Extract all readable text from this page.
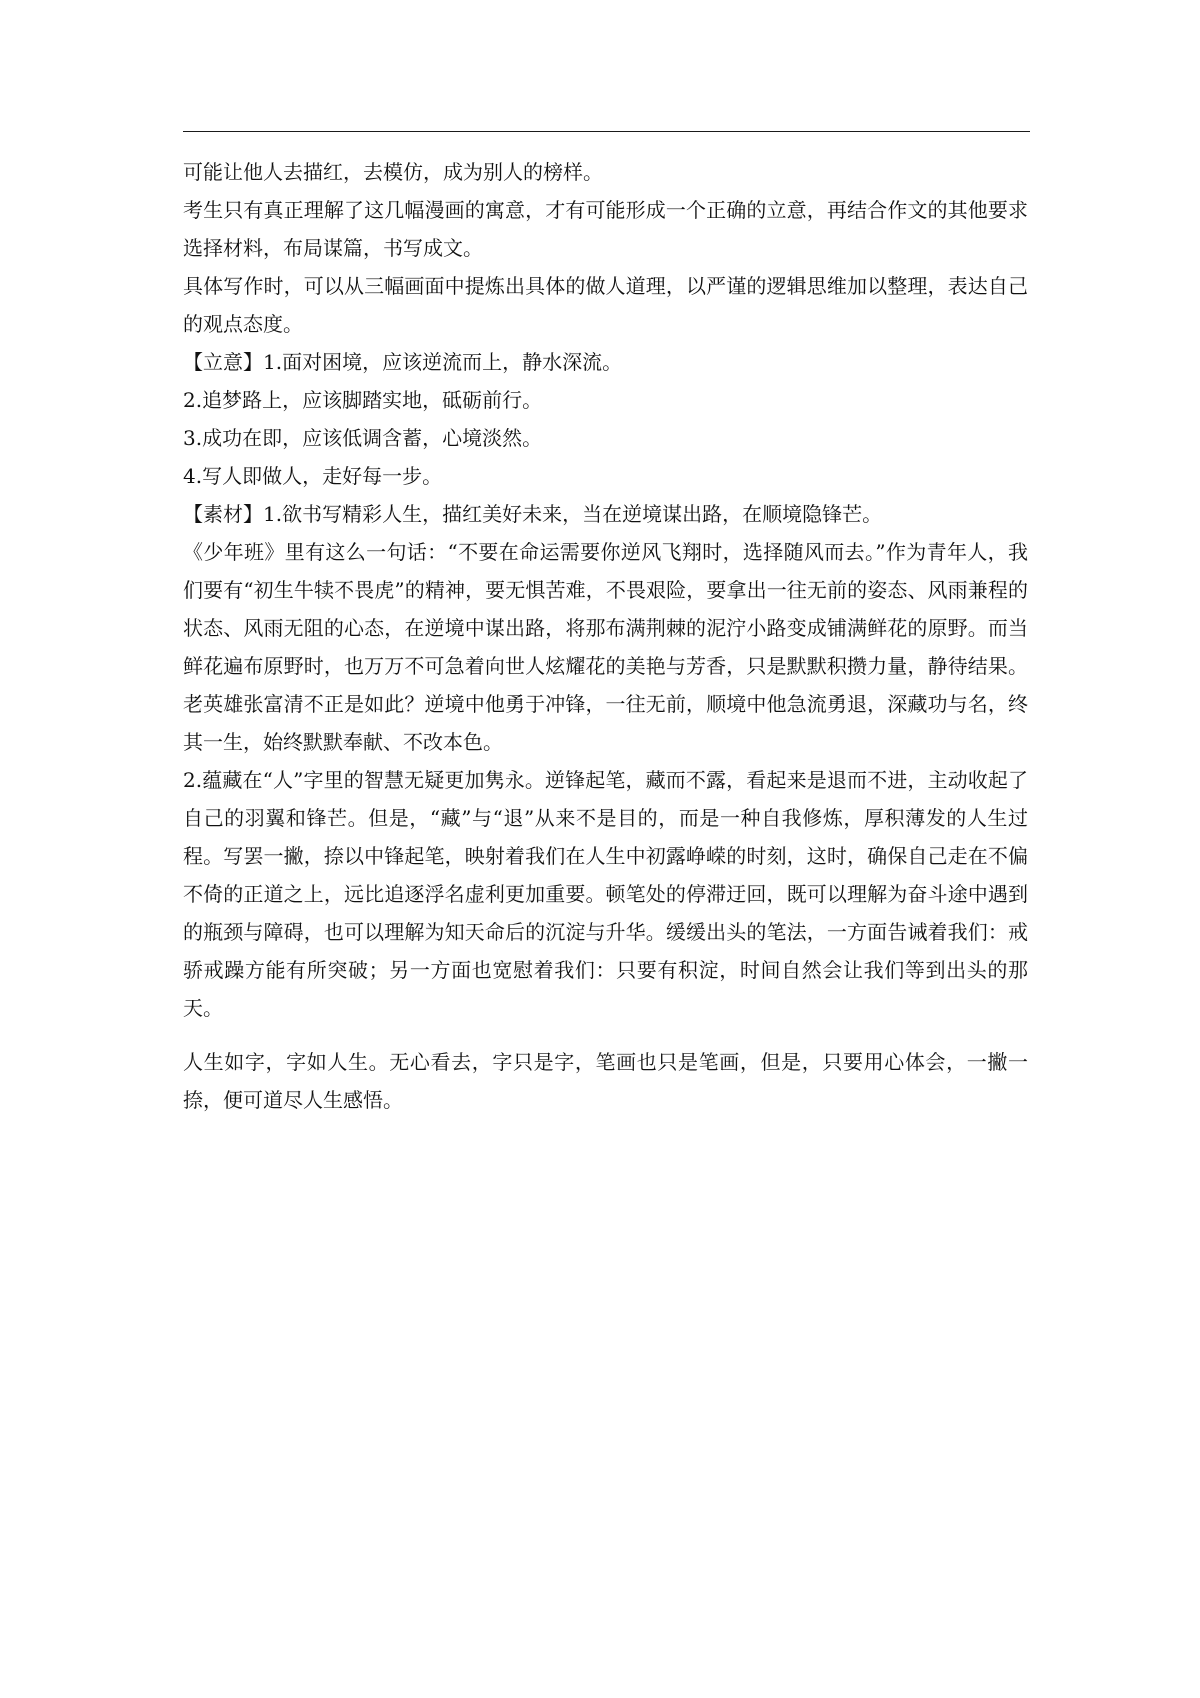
可能让他人去描红，去模仿，成为别人的榜样。

考生只有真正理解了这几幅漫画的寓意，才有可能形成一个正确的立意，再结合作文的其他要求选择材料，布局谋篇，书写成文。

具体写作时，可以从三幅画面中提炼出具体的做人道理，以严谨的逻辑思维加以整理，表达自己的观点态度。

【立意】1.面对困境，应该逆流而上，静水深流。

2.追梦路上，应该脚踏实地，砥砺前行。

3.成功在即，应该低调含蓄，心境淡然。

4.写人即做人，走好每一步。

【素材】1.欲书写精彩人生，描红美好未来，当在逆境谋出路，在顺境隐锋芒。

《少年班》里有这么一句话：“不要在命运需要你逆风飞翔时，选择随风而去。”作为青年人，我们要有“初生牛犊不畏虎”的精神，要无惧苦难，不畏艰险，要拿出一往无前的姿态、风雨兼程的状态、风雨无阻的心态，在逆境中谋出路，将那布满荆棘的泥泞小路变成铺满鲜花的原野。而当鲜花遍布原野时，也万万不可急着向世人炫耀花的美艳与芳香，只是默默积攒力量，静待结果。老英雄张富清不正是如此？逆境中他勇于冲锋，一往无前，顺境中他急流勇退，深藏功与名，终其一生，始终默默奉献、不改本色。

2.蕴藏在“人”字里的智慧无疑更加隽永。逆锋起笔，藏而不露，看起来是退而不进，主动收起了自己的羽翼和锋芒。但是，“藏”与“退”从来不是目的，而是一种自我修炼，厚积薄发的人生过程。写罢一撇，捺以中锋起笔，映射着我们在人生中初露峥嵘的时刻，这时，确保自己走在不偏不倚的正道之上，远比追逐浮名虚利更加重要。顿笔处的停滞迂回，既可以理解为奋斗途中遇到的瓶颈与障碍，也可以理解为知天命后的沉淀与升华。缓缓出头的笔法，一方面告诫着我们：戒骄戒躁方能有所突破；另一方面也宽慰着我们：只要有积淀，时间自然会让我们等到出头的那天。

人生如字，字如人生。无心看去，字只是字，笔画也只是笔画，但是，只要用心体会，一撇一捺，便可道尽人生感悟。
